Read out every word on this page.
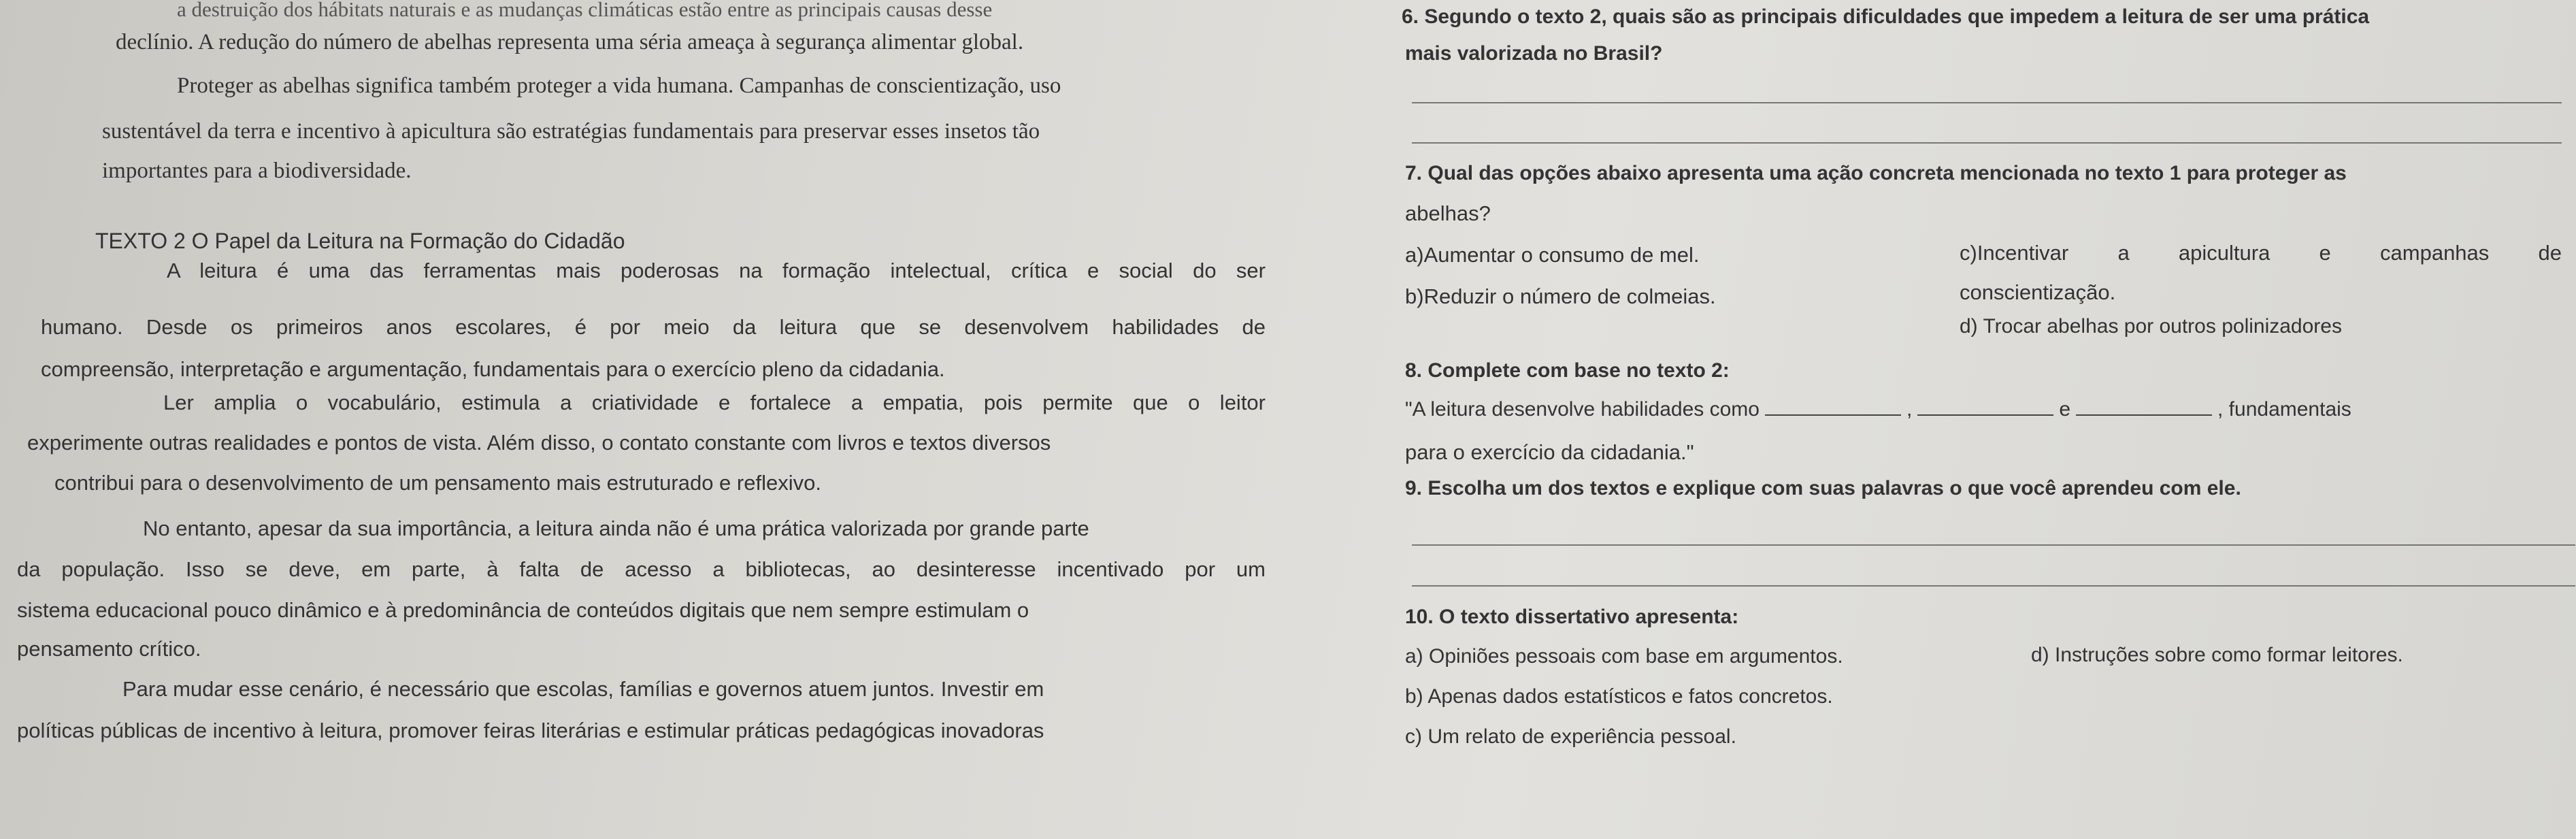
a destruição dos hábitats naturais e as mudanças climáticas estão entre as principais causas desse
declínio. A redução do número de abelhas representa uma séria ameaça à segurança alimentar global.
Proteger as abelhas significa também proteger a vida humana. Campanhas de conscientização, uso
sustentável da terra e incentivo à apicultura são estratégias fundamentais para preservar esses insetos tão
importantes para a biodiversidade.
TEXTO 2 O Papel da Leitura na Formação do Cidadão
A leitura é uma das ferramentas mais poderosas na formação intelectual, crítica e social do ser
humano. Desde os primeiros anos escolares, é por meio da leitura que se desenvolvem habilidades de
compreensão, interpretação e argumentação, fundamentais para o exercício pleno da cidadania.
Ler amplia o vocabulário, estimula a criatividade e fortalece a empatia, pois permite que o leitor
experimente outras realidades e pontos de vista. Além disso, o contato constante com livros e textos diversos
contribui para o desenvolvimento de um pensamento mais estruturado e reflexivo.
No entanto, apesar da sua importância, a leitura ainda não é uma prática valorizada por grande parte
da população. Isso se deve, em parte, à falta de acesso a bibliotecas, ao desinteresse incentivado por um
sistema educacional pouco dinâmico e à predominância de conteúdos digitais que nem sempre estimulam o
pensamento crítico.
Para mudar esse cenário, é necessário que escolas, famílias e governos atuem juntos. Investir em
políticas públicas de incentivo à leitura, promover feiras literárias e estimular práticas pedagógicas inovadoras
6. Segundo o texto 2, quais são as principais dificuldades que impedem a leitura de ser uma prática
mais valorizada no Brasil?
7. Qual das opções abaixo apresenta uma ação concreta mencionada no texto 1 para proteger as
abelhas?
a)Aumentar o consumo de mel.	c)Incentivar a apicultura e campanhas de
b)Reduzir o número de colmeias.	conscientização.
d) Trocar abelhas por outros polinizadores
8. Complete com base no texto 2:
"A leitura desenvolve habilidades como	,	e	, fundamentais
para o exercício da cidadania."
9. Escolha um dos textos e explique com suas palavras o que você aprendeu com ele.
10. O texto dissertativo apresenta:
a) Opiniões pessoais com base em argumentos.	d) Instruções sobre como formar leitores.
b) Apenas dados estatísticos e fatos concretos.
c) Um relato de experiência pessoal.
